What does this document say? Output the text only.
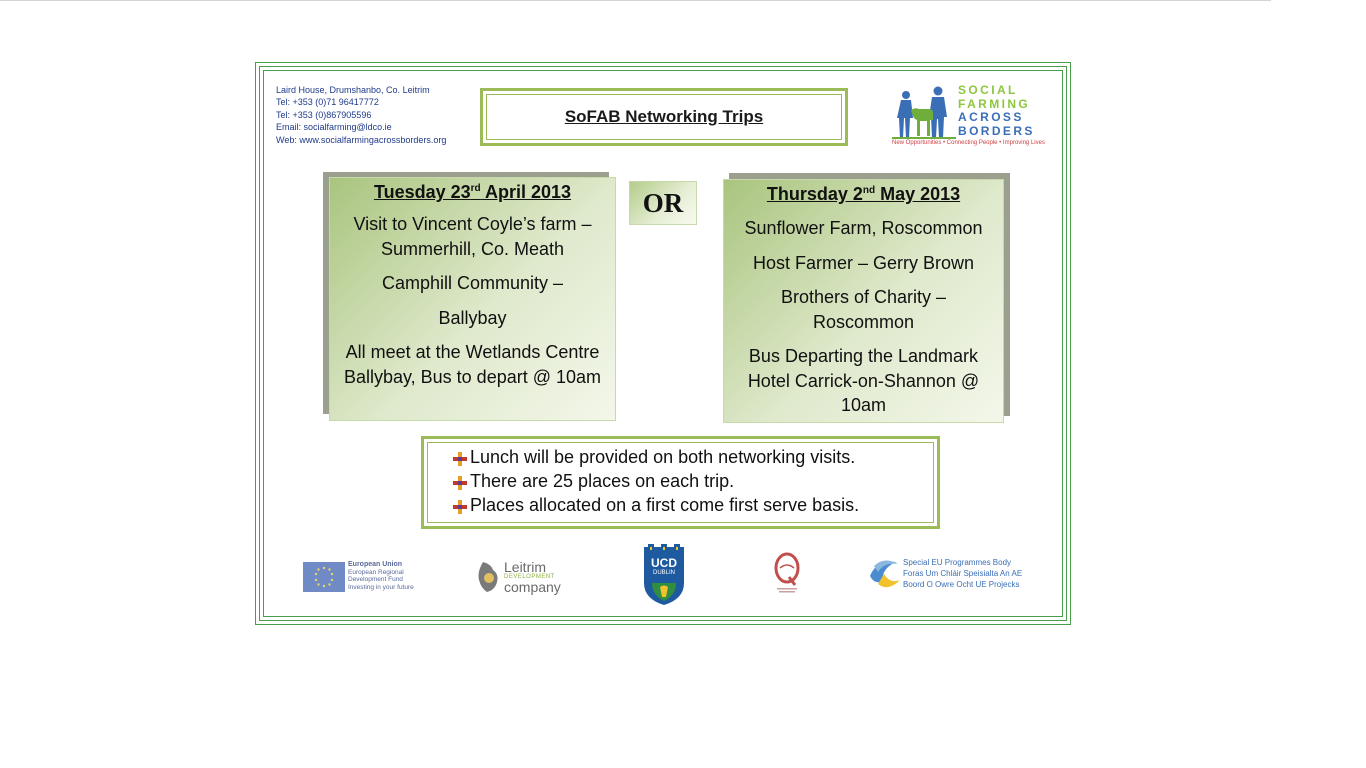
Laird House, Drumshanbo, Co. Leitrim
Tel: +353 (0)71 96417772
Tel: +353 (0)867905596
Email: socialfarming@ldco.ie
Web: www.socialfarmingacrossborders.org
SoFAB Networking Trips
SOCIAL
FARMING
ACROSS
BORDERS
New Opportunities • Connecting People • Improving Lives
Tuesday 23rd April 2013

Visit to Vincent Coyle’s farm – Summerhill, Co. Meath

Camphill Community –

Ballybay

All meet at the Wetlands Centre Ballybay, Bus to depart @ 10am

OR	Thursday 2nd May 2013

Sunflower Farm, Roscommon

Host Farmer – Gerry Brown

Brothers of Charity – Roscommon

Bus Departing the Landmark Hotel Carrick-on-Shannon @ 10am

Lunch will be provided on both networking visits.
There are 25 places on each trip.
Places allocated on a first come first serve basis.
European Union
European Regional
Development Fund
Investing in your future
Leitrim
DEVELOPMENT
company
UCD
DUBLIN
Special EU Programmes Body
Foras Um Chláir Speisialta An AE
Boord O Owre Ocht UE Projecks
